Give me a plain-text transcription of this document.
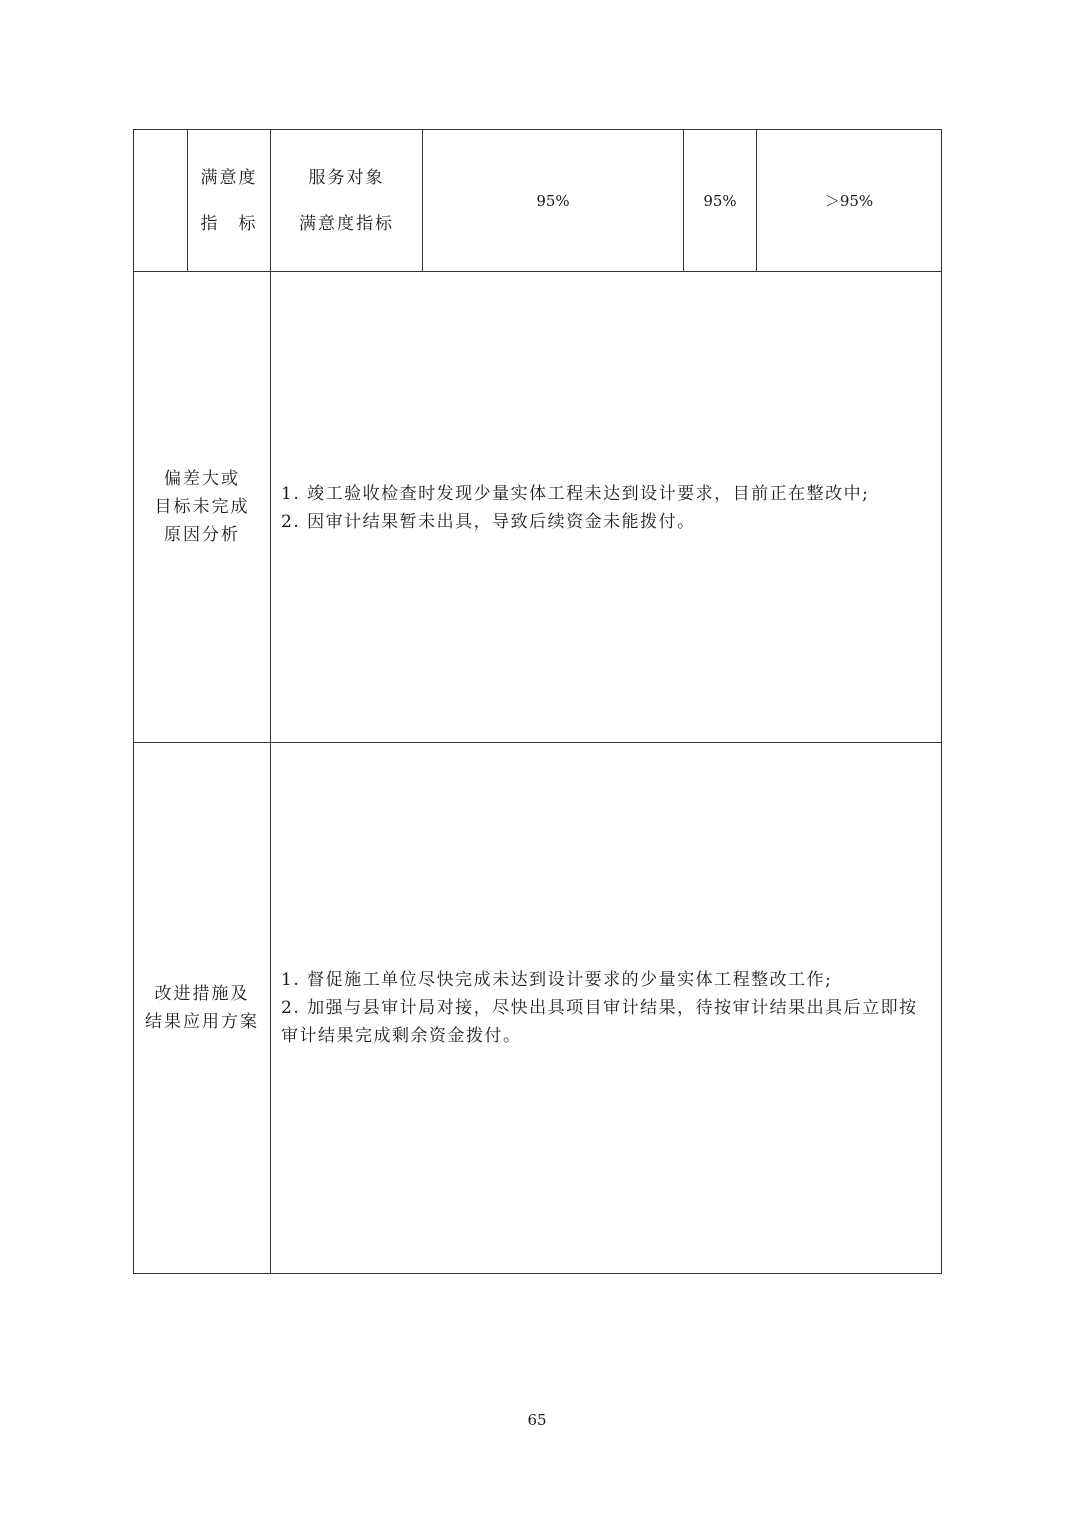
满意度
指　标
服务对象
满意度指标
95%	95%	＞95%
偏差大或
目标未完成
原因分析

1. 竣工验收检查时发现少量实体工程未达到设计要求，目前正在整改中;

2. 因审计结果暂未出具，导致后续资金未能拨付。

改进措施及
结果应用方案

1. 督促施工单位尽快完成未达到设计要求的少量实体工程整改工作;

2. 加强与县审计局对接，尽快出具项目审计结果，待按审计结果出具后立即按审计结果完成剩余资金拨付。

65
